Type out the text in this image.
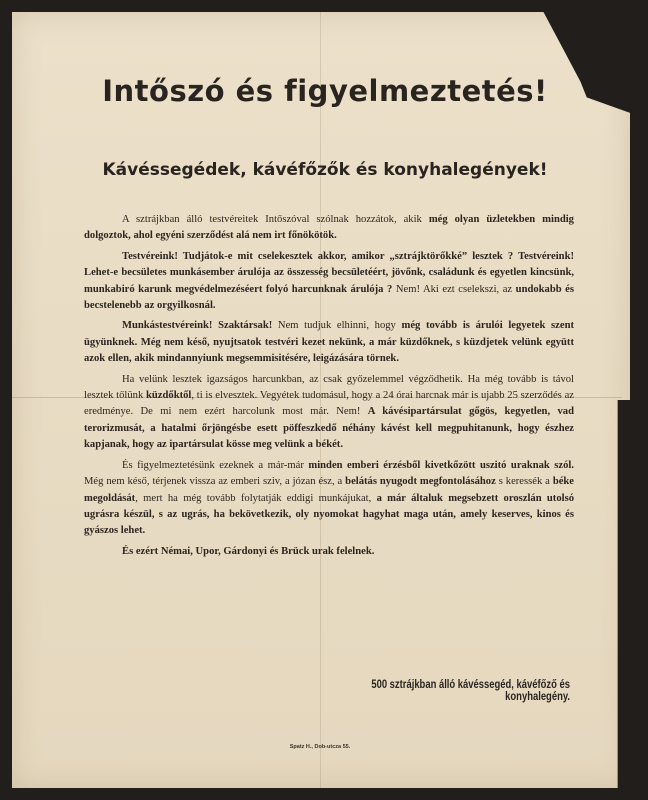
Intőszó és figyelmeztetés!
Kávéssegédek, kávéfőzők és konyhalegények!

A sztrájkban álló testvéreitek Intőszóval szólnak hozzátok, akik még olyan üzletekben mindig dolgoztok, ahol egyéni szerződést alá nem irt főnökötök.

Testvéreink! Tudjátok-e mit cselekesztek akkor, amikor „sztrájktörőkké” lesztek ? Testvéreink! Lehet-e becsületes munkásember árulója az összesség becsületéért, jövőnk, családunk és egyetlen kincsünk, munkabiró karunk megvédelmezéséert folyó harcunknak árulója ? Nem! Aki ezt cselekszi, az undokabb és becstelenebb az orgyilkosnál.

Munkástestvéreink! Szaktársak! Nem tudjuk elhinni, hogy még tovább is árulói legyetek szent ügyünknek. Még nem késő, nyujtsatok testvéri kezet nekünk, a már küzdőknek, s küzdjetek velünk együtt azok ellen, akik mindannyiunk megsemmisitésére, leigázására törnek.

Ha velünk lesztek igazságos harcunkban, az csak győzelemmel végződhetik. Ha még tovább is távol lesztek tőlünk küzdőktől, ti is elvesztek. Vegyétek tudomásul, hogy a 24 órai harcnak már is ujabb 25 szerződés az eredménye. De mi nem ezért harcolunk most már. Nem! A kávésipartársulat gőgös, kegyetlen, vad terorizmusát, a hatalmi őrjöngésbe esett pöffeszkedő néhány kávést kell megpuhitanunk, hogy észhez kapjanak, hogy az ipartársulat kösse meg velünk a békét.

És figyelmeztetésünk ezeknek a már-már minden emberi érzésből kivetkőzött uszitó uraknak szól. Még nem késő, térjenek vissza az emberi sziv, a józan ész, a belátás nyugodt megfontolásához s keressék a béke megoldását, mert ha még tovább folytatják eddigi munkájukat, a már általuk megsebzett oroszlán utolsó ugrásra készül, s az ugrás, ha bekövetkezik, oly nyomokat hagyhat maga után, amely keserves, kinos és gyászos lehet.

És ezért Némai, Upor, Gárdonyi és Brück urak felelnek.

500 sztrájkban álló kávéssegéd, kávéfőző és konyhalegény.
Spatz H., Dob-utcza 55.
